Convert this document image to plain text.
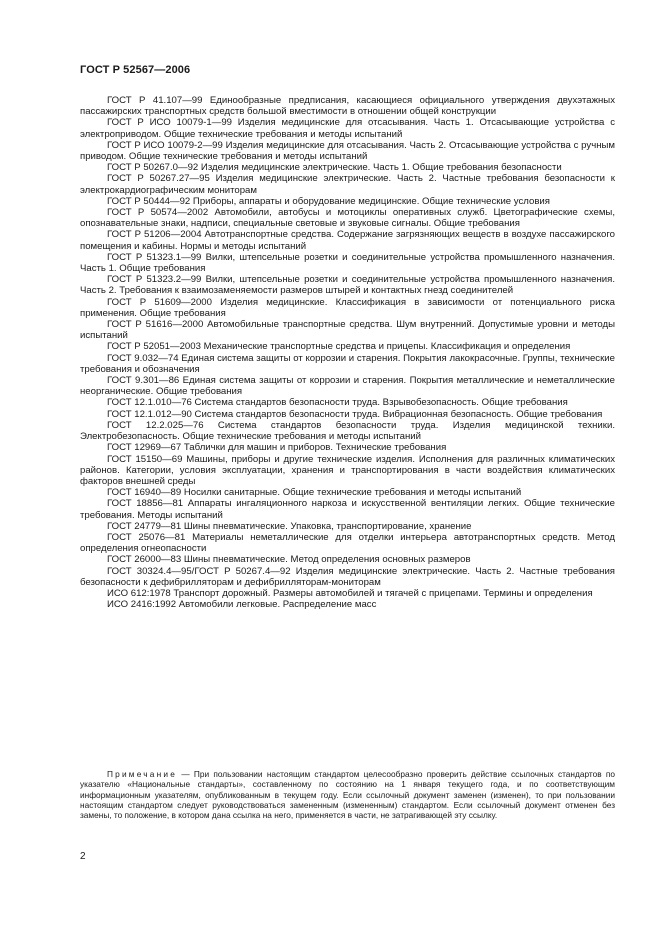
ГОСТ Р 52567—2006

ГОСТ Р 41.107—99 Единообразные предписания, касающиеся официального утверждения двухэтажных пассажирских транспортных средств большой вместимости в отношении общей конструкции

ГОСТ Р ИСО 10079-1—99 Изделия медицинские для отсасывания. Часть 1. Отсасывающие устройства с электроприводом. Общие технические требования и методы испытаний

ГОСТ Р ИСО 10079-2—99 Изделия медицинские для отсасывания. Часть 2. Отсасывающие устройства с ручным приводом. Общие технические требования и методы испытаний

ГОСТ Р 50267.0—92 Изделия медицинские электрические. Часть 1. Общие требования безопасности

ГОСТ Р 50267.27—95 Изделия медицинские электрические. Часть 2. Частные требования безопасности к электрокардиографическим мониторам

ГОСТ Р 50444—92 Приборы, аппараты и оборудование медицинские. Общие технические условия

ГОСТ Р 50574—2002 Автомобили, автобусы и мотоциклы оперативных служб. Цветографические схемы, опознавательные знаки, надписи, специальные световые и звуковые сигналы. Общие требования

ГОСТ Р 51206—2004 Автотранспортные средства. Содержание загрязняющих веществ в воздухе пассажирского помещения и кабины. Нормы и методы испытаний

ГОСТ Р 51323.1—99 Вилки, штепсельные розетки и соединительные устройства промышленного назначения. Часть 1. Общие требования

ГОСТ Р 51323.2—99 Вилки, штепсельные розетки и соединительные устройства промышленного назначения. Часть 2. Требования к взаимозаменяемости размеров штырей и контактных гнезд соединителей

ГОСТ Р 51609—2000 Изделия медицинские. Классификация в зависимости от потенциального риска применения. Общие требования

ГОСТ Р 51616—2000 Автомобильные транспортные средства. Шум внутренний. Допустимые уровни и методы испытаний

ГОСТ Р 52051—2003 Механические транспортные средства и прицепы. Классификация и определения

ГОСТ 9.032—74 Единая система защиты от коррозии и старения. Покрытия лакокрасочные. Группы, технические требования и обозначения

ГОСТ 9.301—86 Единая система защиты от коррозии и старения. Покрытия металлические и неметаллические неорганические. Общие требования

ГОСТ 12.1.010—76 Система стандартов безопасности труда. Взрывобезопасность. Общие требования

ГОСТ 12.1.012—90 Система стандартов безопасности труда. Вибрационная безопасность. Общие требования

ГОСТ 12.2.025—76 Система стандартов безопасности труда. Изделия медицинской техники. Электробезопасность. Общие технические требования и методы испытаний

ГОСТ 12969—67 Таблички для машин и приборов. Технические требования

ГОСТ 15150—69 Машины, приборы и другие технические изделия. Исполнения для различных климатических районов. Категории, условия эксплуатации, хранения и транспортирования в части воздействия климатических факторов внешней среды

ГОСТ 16940—89 Носилки санитарные. Общие технические требования и методы испытаний

ГОСТ 18856—81 Аппараты ингаляционного наркоза и искусственной вентиляции легких. Общие технические требования. Методы испытаний

ГОСТ 24779—81 Шины пневматические. Упаковка, транспортирование, хранение

ГОСТ 25076—81 Материалы неметаллические для отделки интерьера автотранспортных средств. Метод определения огнеопасности

ГОСТ 26000—83 Шины пневматические. Метод определения основных размеров

ГОСТ 30324.4—95/ГОСТ Р 50267.4—92 Изделия медицинские электрические. Часть 2. Частные требования безопасности к дефибрилляторам и дефибрилляторам-мониторам

ИСО 612:1978 Транспорт дорожный. Размеры автомобилей и тягачей с прицепами. Термины и определения

ИСО 2416:1992 Автомобили легковые. Распределение масс

Примечание — При пользовании настоящим стандартом целесообразно проверить действие ссылочных стандартов по указателю «Национальные стандарты», составленному по состоянию на 1 января текущего года, и по соответствующим информационным указателям, опубликованным в текущем году. Если ссылочный документ заменен (изменен), то при пользовании настоящим стандартом следует руководствоваться замененным (измененным) стандартом. Если ссылочный документ отменен без замены, то положение, в котором дана ссылка на него, применяется в части, не затрагивающей эту ссылку.

2
